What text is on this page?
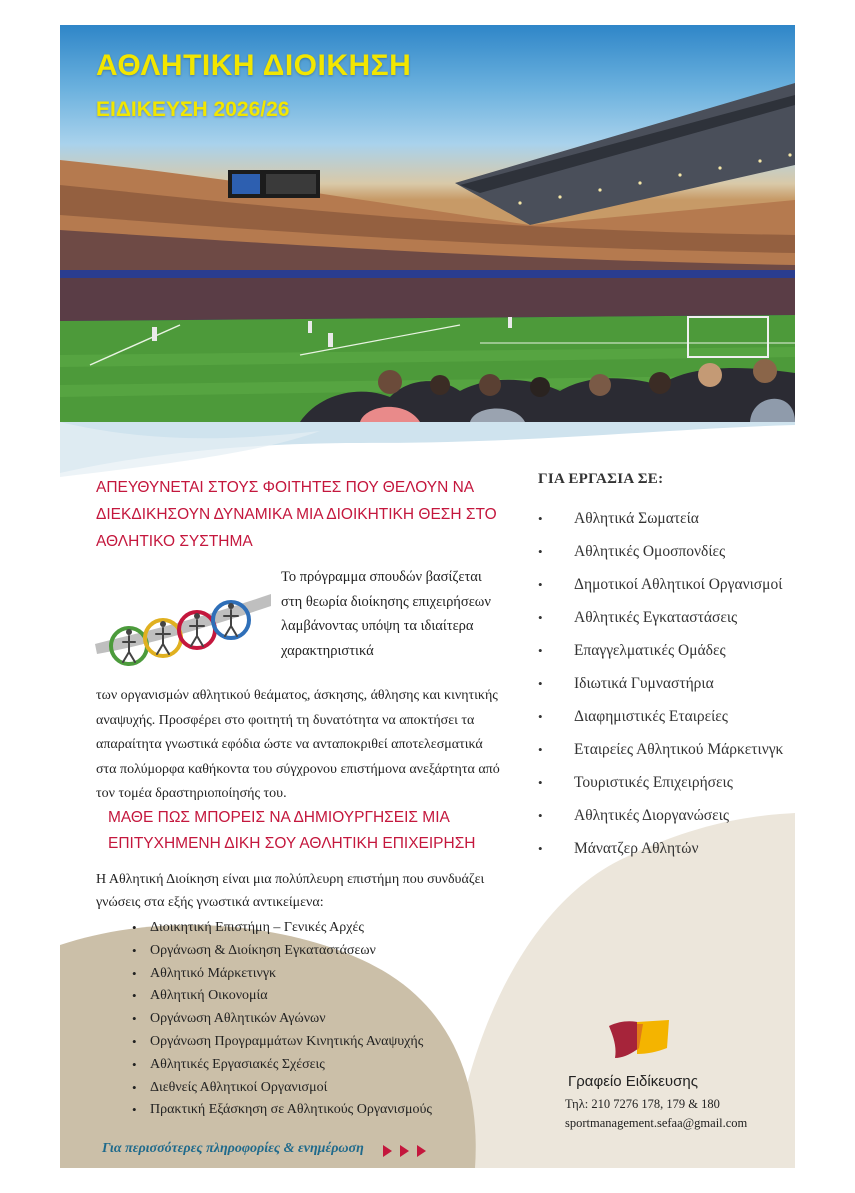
ΑΘΛΗΤΙΚΗ ΔΙΟΙΚΗΣΗ
ΕΙΔΙΚΕΥΣΗ 2026/26

ΑΠΕΥΘΥΝΕΤΑΙ ΣΤΟΥΣ ΦΟΙΤΗΤΕΣ ΠΟΥ ΘΕΛΟΥΝ ΝΑ ΔΙΕΚΔΙΚΗΣΟΥΝ ΔΥΝΑΜΙΚΑ ΜΙΑ ΔΙΟΙΚΗΤΙΚΗ ΘΕΣΗ ΣΤΟ ΑΘΛΗΤΙΚΟ ΣΥΣΤΗΜΑ

Το πρόγραμμα σπουδών βασίζεται στη θεωρία διοίκησης επιχειρήσεων λαμβάνοντας υπόψη τα ιδιαίτερα χαρακτηριστικά

των οργανισμών αθλητικού θεάματος, άσκησης, άθλησης και κινητικής αναψυχής. Προσφέρει στο φοιτητή τη δυνατότητα να αποκτήσει τα απαραίτητα γνωστικά εφόδια ώστε να ανταποκριθεί αποτελεσματικά στα πολύμορφα καθήκοντα του σύγχρονου επιστήμονα ανεξάρτητα από τον τομέα δραστηριοποίησής του.

ΜΑΘΕ ΠΩΣ ΜΠΟΡΕΙΣ ΝΑ ΔΗΜΙΟΥΡΓΗΣΕΙΣ ΜΙΑ ΕΠΙΤΥΧΗΜΕΝΗ ΔΙΚΗ ΣΟΥ ΑΘΛΗΤΙΚΗ ΕΠΙΧΕΙΡΗΣΗ

Η Αθλητική Διοίκηση είναι μια πολύπλευρη επιστήμη που συνδυάζει γνώσεις στα εξής γνωστικά αντικείμενα:

• Διοικητική Επιστήμη – Γενικές Αρχές
• Οργάνωση & Διοίκηση Εγκαταστάσεων
• Αθλητικό Μάρκετινγκ
• Αθλητική Οικονομία
• Οργάνωση Αθλητικών Αγώνων
• Οργάνωση Προγραμμάτων Κινητικής Αναψυχής
• Αθλητικές Εργασιακές Σχέσεις
• Διεθνείς Αθλητικοί Οργανισμοί
• Πρακτική Εξάσκηση σε Αθλητικούς Οργανισμούς

Για περισσότερες πληροφορίες & ενημέρωση

ΓΙΑ ΕΡΓΑΣΙΑ ΣΕ:

• Αθλητικά Σωματεία
• Αθλητικές Ομοσπονδίες
• Δημοτικοί Αθλητικοί Οργανισμοί
• Αθλητικές Εγκαταστάσεις
• Επαγγελματικές Ομάδες
• Ιδιωτικά Γυμναστήρια
• Διαφημιστικές Εταιρείες
• Εταιρείες Αθλητικού Μάρκετινγκ
• Τουριστικές Επιχειρήσεις
• Αθλητικές Διοργανώσεις
• Μάνατζερ Αθλητών

Γραφείο Ειδίκευσης

Τηλ: 210 7276 178, 179 & 180

sportmanagement.sefaa@gmail.com
